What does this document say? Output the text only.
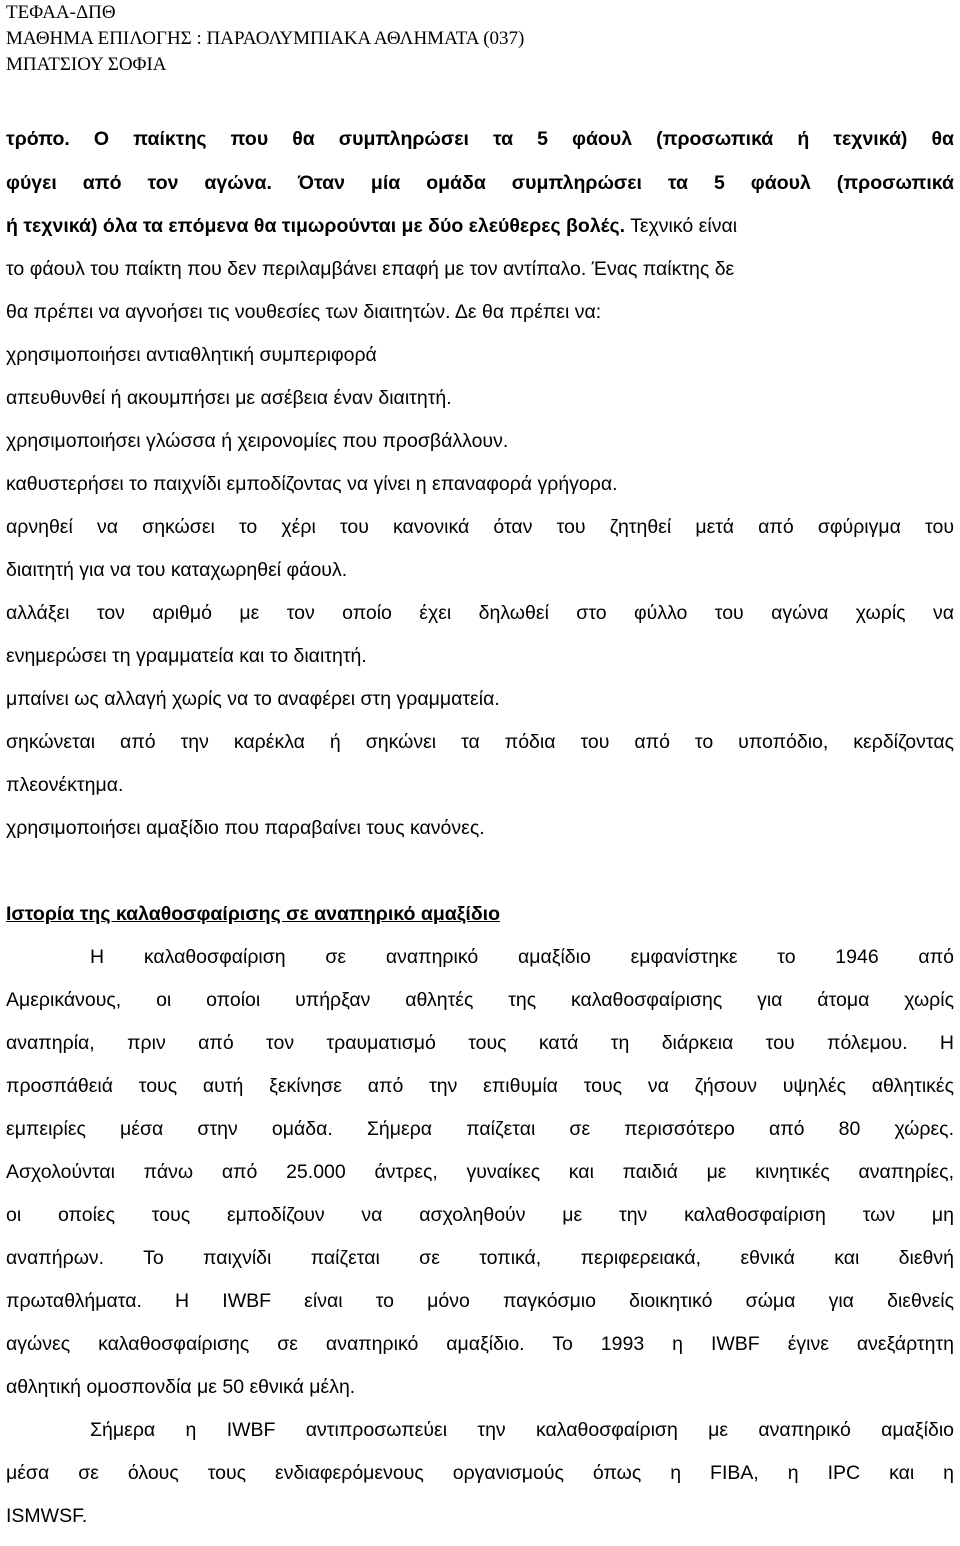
ΤΕΦΑΑ-ΔΠΘ
ΜΑΘΗΜΑ ΕΠΙΛΟΓΗΣ : ΠΑΡΑΟΛΥΜΠΙΑΚΑ ΑΘΛΗΜΑΤΑ (037)
ΜΠΑΤΣΙΟΥ ΣΟΦΙΑ
τρόπο. Ο παίκτης που θα συμπληρώσει τα 5 φάουλ (προσωπικά ή τεχνικά) θα
φύγει από τον αγώνα. Όταν μία ομάδα συμπληρώσει τα 5 φάουλ (προσωπικά
ή τεχνικά) όλα τα επόμενα θα τιμωρούνται με δύο ελεύθερες βολές. Τεχνικό είναι
το φάουλ του παίκτη που δεν περιλαμβάνει επαφή με τον αντίπαλο. Ένας παίκτης δε
θα πρέπει να αγνοήσει τις νουθεσίες των διαιτητών. Δε θα πρέπει να:
χρησιμοποιήσει αντιαθλητική συμπεριφορά
απευθυνθεί ή ακουμπήσει με ασέβεια έναν διαιτητή.
χρησιμοποιήσει γλώσσα ή χειρονομίες που προσβάλλουν.
καθυστερήσει το παιχνίδι εμποδίζοντας να γίνει η επαναφορά γρήγορα.
αρνηθεί να σηκώσει το χέρι του κανονικά όταν του ζητηθεί μετά από σφύριγμα του
διαιτητή για να του καταχωρηθεί φάουλ.
αλλάξει τον αριθμό με τον οποίο έχει δηλωθεί στο φύλλο του αγώνα χωρίς να
ενημερώσει τη γραμματεία και το διαιτητή.
μπαίνει ως αλλαγή χωρίς να το αναφέρει στη γραμματεία.
σηκώνεται από την καρέκλα ή σηκώνει τα πόδια του από το υποπόδιο, κερδίζοντας
πλεονέκτημα.
χρησιμοποιήσει αμαξίδιο που παραβαίνει τους κανόνες.
Ιστορία της καλαθοσφαίρισης σε αναπηρικό αμαξίδιο
Η καλαθοσφαίριση σε αναπηρικό αμαξίδιο εμφανίστηκε το 1946 από
Αμερικάνους, οι οποίοι υπήρξαν αθλητές της καλαθοσφαίρισης για άτομα χωρίς
αναπηρία, πριν από τον τραυματισμό τους κατά τη διάρκεια του πόλεμου. Η
προσπάθειά τους αυτή ξεκίνησε από την επιθυμία τους να ζήσουν υψηλές αθλητικές
εμπειρίες μέσα στην ομάδα. Σήμερα παίζεται σε περισσότερο από 80 χώρες.
Ασχολούνται πάνω από 25.000 άντρες, γυναίκες και παιδιά με κινητικές αναπηρίες,
οι οποίες τους εμποδίζουν να ασχοληθούν με την καλαθοσφαίριση των μη
αναπήρων. Το παιχνίδι παίζεται σε τοπικά, περιφερειακά, εθνικά και διεθνή
πρωταθλήματα. Η IWBF είναι το μόνο παγκόσμιο διοικητικό σώμα για διεθνείς
αγώνες καλαθοσφαίρισης σε αναπηρικό αμαξίδιο. Το 1993 η IWBF έγινε ανεξάρτητη
αθλητική ομοσπονδία με 50 εθνικά μέλη.
Σήμερα η IWBF αντιπροσωπεύει την καλαθοσφαίριση με αναπηρικό αμαξίδιο
μέσα σε όλους τους ενδιαφερόμενους οργανισμούς όπως η FIBA, η IPC και η
ISMWSF.
